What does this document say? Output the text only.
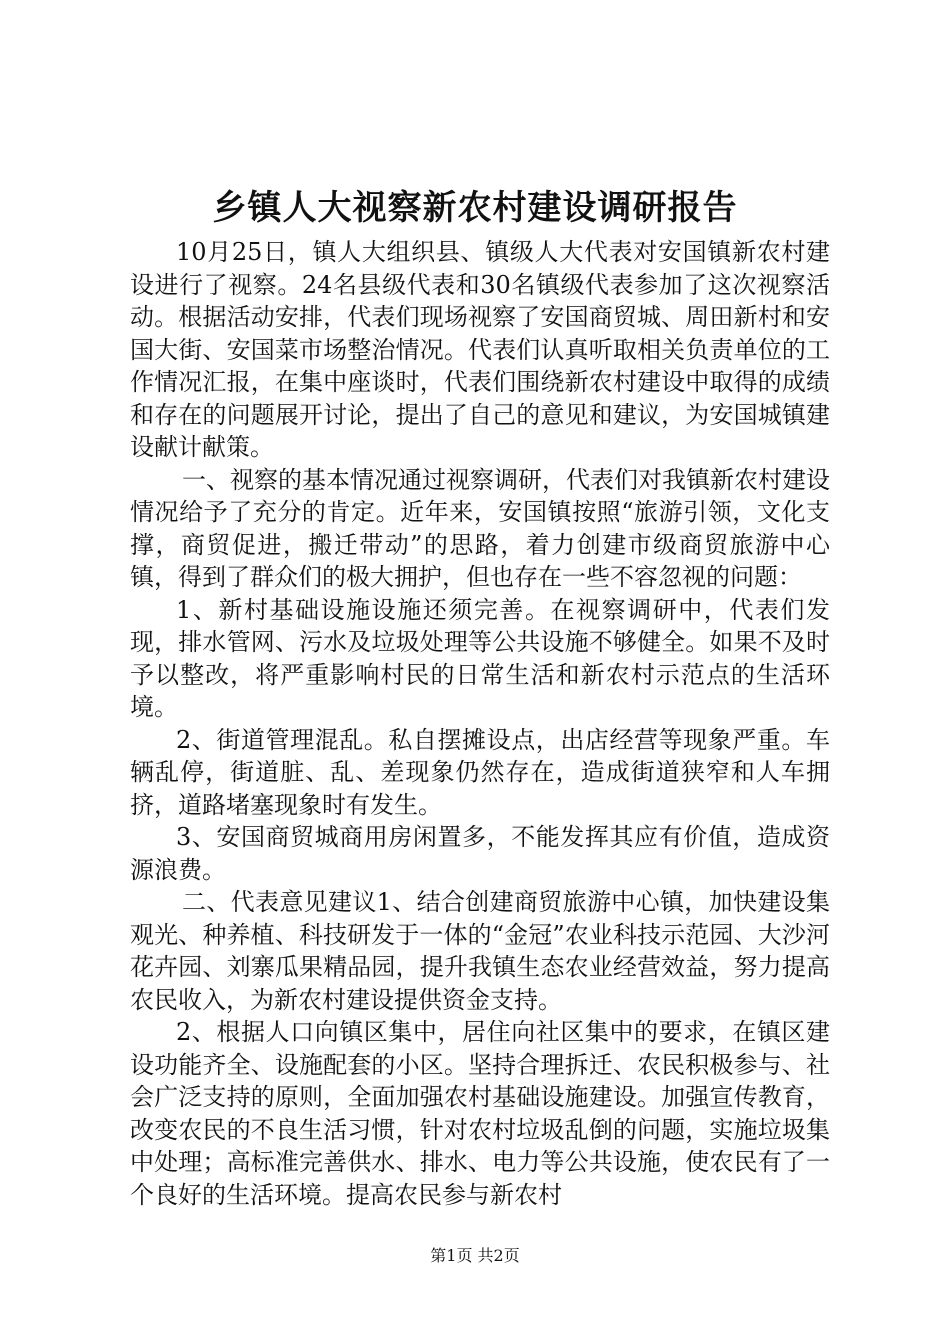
乡镇人大视察新农村建设调研报告

10月25日，镇人大组织县、镇级人大代表对安国镇新农村建设进行了视察。24名县级代表和30名镇级代表参加了这次视察活动。根据活动安排，代表们现场视察了安国商贸城、周田新村和安国大街、安国菜市场整治情况。代表们认真听取相关负责单位的工作情况汇报，在集中座谈时，代表们围绕新农村建设中取得的成绩和存在的问题展开讨论，提出了自己的意见和建议，为安国城镇建设献计献策。

一、视察的基本情况通过视察调研，代表们对我镇新农村建设情况给予了充分的肯定。近年来，安国镇按照“旅游引领，文化支撑，商贸促进，搬迁带动”的思路，着力创建市级商贸旅游中心镇，得到了群众们的极大拥护，但也存在一些不容忽视的问题：

1、新村基础设施设施还须完善。在视察调研中，代表们发现，排水管网、污水及垃圾处理等公共设施不够健全。如果不及时予以整改，将严重影响村民的日常生活和新农村示范点的生活环境。

2、街道管理混乱。私自摆摊设点，出店经营等现象严重。车辆乱停，街道脏、乱、差现象仍然存在，造成街道狭窄和人车拥挤，道路堵塞现象时有发生。

3、安国商贸城商用房闲置多，不能发挥其应有价值，造成资源浪费。

二、代表意见建议1、结合创建商贸旅游中心镇，加快建设集观光、种养植、科技研发于一体的“金冠”农业科技示范园、大沙河花卉园、刘寨瓜果精品园，提升我镇生态农业经营效益，努力提高农民收入，为新农村建设提供资金支持。

2、根据人口向镇区集中，居住向社区集中的要求，在镇区建设功能齐全、设施配套的小区。坚持合理拆迁、农民积极参与、社会广泛支持的原则，全面加强农村基础设施建设。加强宣传教育，改变农民的不良生活习惯，针对农村垃圾乱倒的问题，实施垃圾集中处理；高标准完善供水、排水、电力等公共设施，使农民有了一个良好的生活环境。提高农民参与新农村

第1页 共2页
